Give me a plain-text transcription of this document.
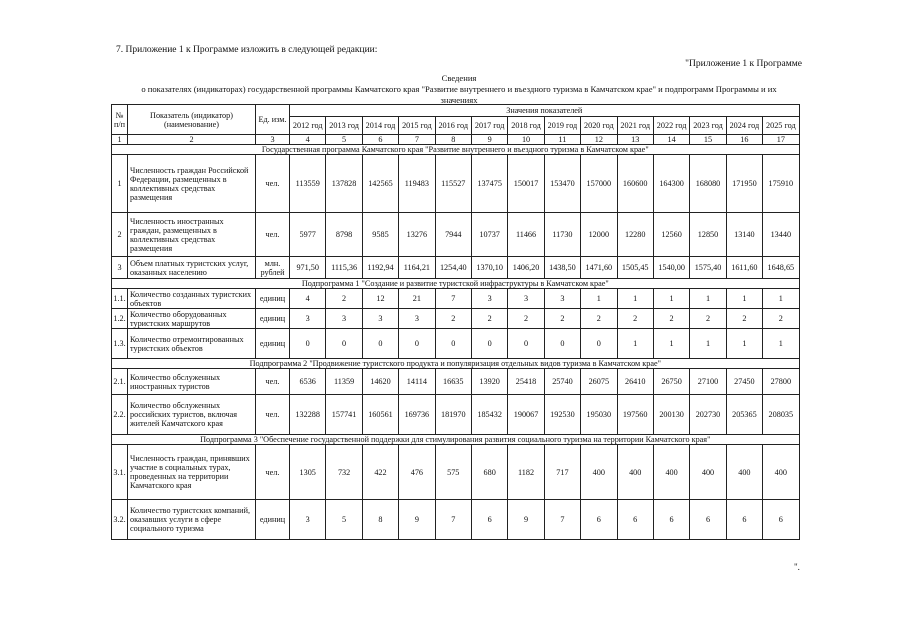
7. Приложение 1 к Программе изложить в следующей редакции:
"Приложение 1 к Программе
Сведения
о показателях (индикаторах) государственной программы Камчатского края "Развитие внутреннего и въездного туризма в Камчатском крае" и подпрограмм Программы и их
значениях
№ п/п	Показатель (индикатор) (наименование)	Ед. изм.	Значения показателей													
			2012 год	2013 год	2014 год	2015 год	2016 год	2017 год	2018 год	2019 год	2020 год	2021 год	2022 год	2023 год	2024 год	2025 год
1	2	3	4	5	6	7	8	9	10	11	12	13	14	15	16	17
Государственная программа Камчатского края "Развитие внутреннего и въездного туризма в Камчатском крае"																
1	Численность граждан Российской Федерации, размещенных в коллективных средствах размещения	чел.	113559	137828	142565	119483	115527	137475	150017	153470	157000	160600	164300	168080	171950	175910
2	Численность иностранных граждан, размещенных в коллективных средствах размещения	чел.	5977	8798	9585	13276	7944	10737	11466	11730	12000	12280	12560	12850	13140	13440
3	Объем платных туристских услуг, оказанных населению	млн. рублей	971,50	1115,36	1192,94	1164,21	1254,40	1370,10	1406,20	1438,50	1471,60	1505,45	1540,00	1575,40	1611,60	1648,65
Подпрограмма 1 "Создание и развитие туристской инфраструктуры в Камчатском крае"																
1.1.	Количество созданных туристских объектов	единиц	4	2	12	21	7	3	3	3	1	1	1	1	1	1
1.2.	Количество оборудованных туристских маршрутов	единиц	3	3	3	3	2	2	2	2	2	2	2	2	2	2
1.3.	Количество отремонтированных туристских объектов	единиц	0	0	0	0	0	0	0	0	0	1	1	1	1	1
Подпрограмма 2 "Продвижение туристского продукта и популяризация отдельных видов туризма в Камчатском крае"																
2.1.	Количество обслуженных иностранных туристов	чел.	6536	11359	14620	14114	16635	13920	25418	25740	26075	26410	26750	27100	27450	27800
2.2.	Количество обслуженных российских туристов, включая жителей Камчатского края	чел.	132288	157741	160561	169736	181970	185432	190067	192530	195030	197560	200130	202730	205365	208035
Подпрограмма 3 "Обеспечение государственной поддержки для стимулирования развития социального туризма на территории Камчатского края"																
3.1.	Численность граждан, принявших участие в социальных турах, проведенных на территории Камчатского края	чел.	1305	732	422	476	575	680	1182	717	400	400	400	400	400	400
3.2.	Количество туристских компаний, оказавших услуги в сфере социального туризма	единиц	3	5	8	9	7	6	9	7	6	6	6	6	6	6
".
